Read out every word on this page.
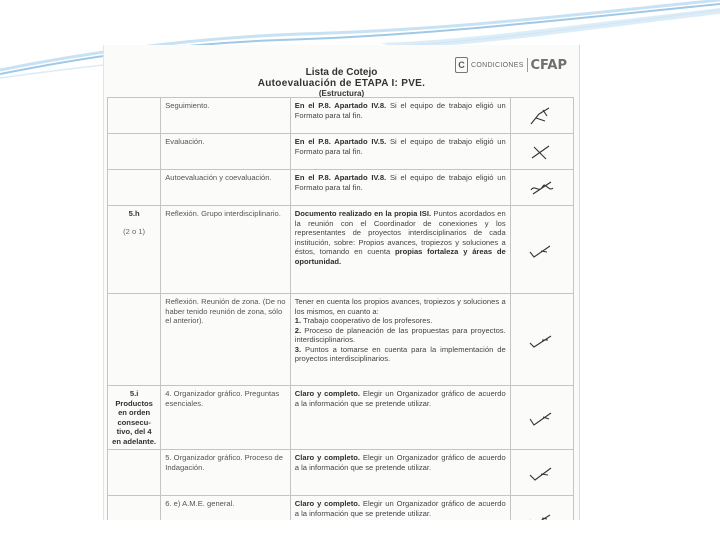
C CONDICIONES CFAP
Lista de Cotejo
Autoevaluación de ETAPA I: PVE.
(Estructura)
	Seguimiento.	En el P.8. Apartado IV.8. Si el equipo de trabajo eligió un Formato para tal fin.	

	Evaluación.	En el P.8. Apartado IV.5. Si el equipo de trabajo eligió un Formato para tal fin.	

	Autoevaluación y coevaluación.	En el P.8. Apartado IV.8. Si el equipo de trabajo eligió un Formato para tal fin.	

5.h
(2 o 1)	Reflexión. Grupo interdisciplinario.	Documento realizado en la propia ISI. Puntos acordados en la reunión con el Coordinador de conexiones y los representantes de proyectos interdisciplinarios de cada institución, sobre: Propios avances, tropiezos y soluciones a éstos, tomando en cuenta propias fortaleza y áreas de oportunidad.	

	Reflexión. Reunión de zona. (De no haber tenido reunión de zona, sólo el anterior).	Tener en cuenta los propios avances, tropiezos y soluciones a los mismos, en cuanto a:
1. Trabajo cooperativo de los profesores.
2. Proceso de planeación de las propuestas para proyectos. interdisciplinarios.
3. Puntos a tomarse en cuenta para la implementación de proyectos interdisciplinarios.	

5.i
Productos en orden consecu-tivo, del 4 en adelante.	4. Organizador gráfico. Preguntas esenciales.	Claro y completo. Elegir un Organizador gráfico de acuerdo a la información que se pretende utilizar.	

	5. Organizador gráfico. Proceso de Indagación.	Claro y completo. Elegir un Organizador gráfico de acuerdo a la información que se pretende utilizar.	

	6. e) A.M.E. general.	Claro y completo. Elegir un Organizador gráfico de acuerdo a la información que se pretende utilizar.	
